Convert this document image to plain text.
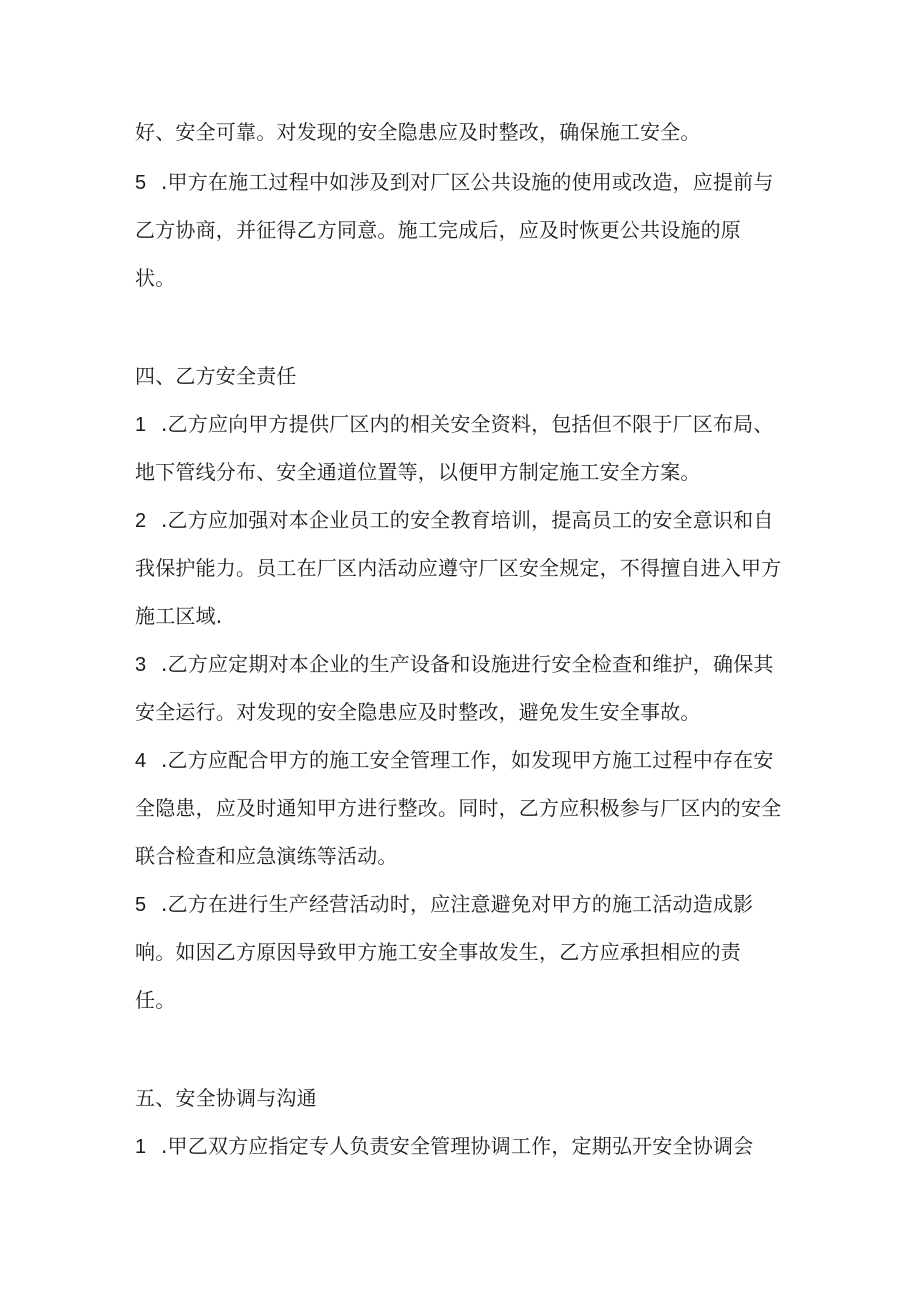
好、安全可靠。对发现的安全隐患应及时整改，确保施工安全。
5 .甲方在施工过程中如涉及到对厂区公共设施的使用或改造，应提前与
乙方协商，并征得乙方同意。施工完成后，应及时恢更公共设施的原
状。
四、乙方安全责任
1 .乙方应向甲方提供厂区内的相关安全资料，包括但不限于厂区布局、
地下管线分布、安全通道位置等，以便甲方制定施工安全方案。
2 .乙方应加强对本企业员工的安全教育培训，提高员工的安全意识和自
我保护能力。员工在厂区内活动应遵守厂区安全规定，不得擅自进入甲方
施工区域.
3 .乙方应定期对本企业的生产设备和设施进行安全检查和维护，确保其
安全运行。对发现的安全隐患应及时整改，避免发生安全事故。
4 .乙方应配合甲方的施工安全管理工作，如发现甲方施工过程中存在安
全隐患，应及时通知甲方进行整改。同时，乙方应积极参与厂区内的安全
联合检查和应急演练等活动。
5 .乙方在进行生产经营活动时，应注意避免对甲方的施工活动造成影
响。如因乙方原因导致甲方施工安全事故发生，乙方应承担相应的责
任。
五、安全协调与沟通
1 .甲乙双方应指定专人负责安全管理协调工作，定期弘开安全协调会
